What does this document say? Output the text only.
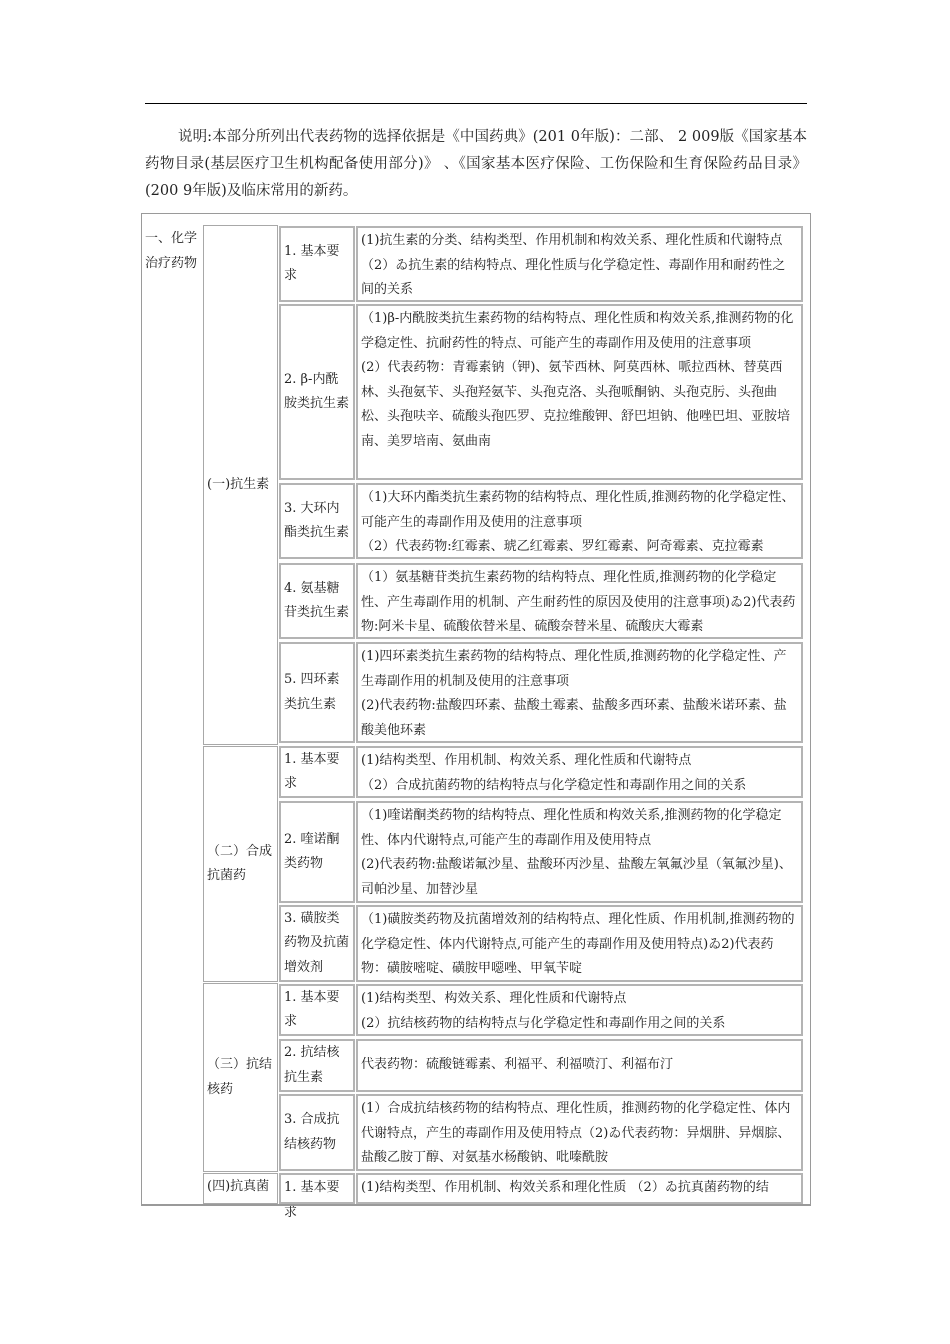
说明:本部分所列出代表药物的选择依据是《中国药典》(201 0年版)：二部、 2 009版《国家基本药物目录(基层医疗卫生机构配备使用部分)》 、《国家基本医疗保险、工伤保险和生育保险药品目录》(200 9年版)及临床常用的新药。

一、化学治疗药物
(一)抗生素
（二）合成抗菌药
（三）抗结核药
(四)抗真菌
1. 基本要求

(1)抗生素的分类、结构类型、作用机制和构效关系、理化性质和代谢特点（2）ゐ抗生素的结构特点、理化性质与化学稳定性、毒副作用和耐药性之间的关系

2. β-内酰胺类抗生素

（1)β-内酰胺类抗生素药物的结构特点、理化性质和构效关系,推测药物的化学稳定性、抗耐药性的特点、可能产生的毒副作用及使用的注意事项

(2）代表药物：青霉素钠（钾)、氨苄西林、阿莫西林、哌拉西林、替莫西林、头孢氨苄、头孢羟氨苄、头孢克洛、头孢哌酮钠、头孢克肟、头孢曲松、头孢呋辛、硫酸头孢匹罗、克拉维酸钾、舒巴坦钠、他唑巴坦、亚胺培南、美罗培南、氨曲南

3. 大环内酯类抗生素

（1)大环内酯类抗生素药物的结构特点、理化性质,推测药物的化学稳定性、可能产生的毒副作用及使用的注意事项

（2）代表药物:红霉素、琥乙红霉素、罗红霉素、阿奇霉素、克拉霉素

4. 氨基糖苷类抗生素

（1）氨基糖苷类抗生素药物的结构特点、理化性质,推测药物的化学稳定性、产生毒副作用的机制、产生耐药性的原因及使用的注意事项)ゐ2)代表药物:阿米卡星、硫酸依替米星、硫酸奈替米星、硫酸庆大霉素

5. 四环素类抗生素

(1)四环素类抗生素药物的结构特点、理化性质,推测药物的化学稳定性、产生毒副作用的机制及使用的注意事项

(2)代表药物:盐酸四环素、盐酸土霉素、盐酸多西环素、盐酸米诺环素、盐酸美他环素

1. 基本要求

(1)结构类型、作用机制、构效关系、理化性质和代谢特点

（2）合成抗菌药物的结构特点与化学稳定性和毒副作用之间的关系

2. 喹诺酮类药物

（1)喹诺酮类药物的结构特点、理化性质和构效关系,推测药物的化学稳定性、体内代谢特点,可能产生的毒副作用及使用特点

(2)代表药物:盐酸诺氟沙星、盐酸环丙沙星、盐酸左氧氟沙星（氧氟沙星)、司帕沙星、加替沙星

3. 磺胺类药物及抗菌增效剂

（1)磺胺类药物及抗菌增效剂的结构特点、理化性质、作用机制,推测药物的化学稳定性、体内代谢特点,可能产生的毒副作用及使用特点)ゐ2)代表药物：磺胺嘧啶、磺胺甲噁唑、甲氧苄啶

1. 基本要求

(1)结构类型、构效关系、理化性质和代谢特点

(2）抗结核药物的结构特点与化学稳定性和毒副作用之间的关系

2. 抗结核抗生素

代表药物：硫酸链霉素、利福平、利福喷汀、利福布汀

3. 合成抗结核药物

(1）合成抗结核药物的结构特点、理化性质，推测药物的化学稳定性、体内代谢特点，产生的毒副作用及使用特点（2)ゐ代表药物：异烟肼、异烟腙、盐酸乙胺丁醇、对氨基水杨酸钠、吡嗪酰胺

1. 基本要求

(1)结构类型、作用机制、构效关系和理化性质 （2）ゐ抗真菌药物的结
